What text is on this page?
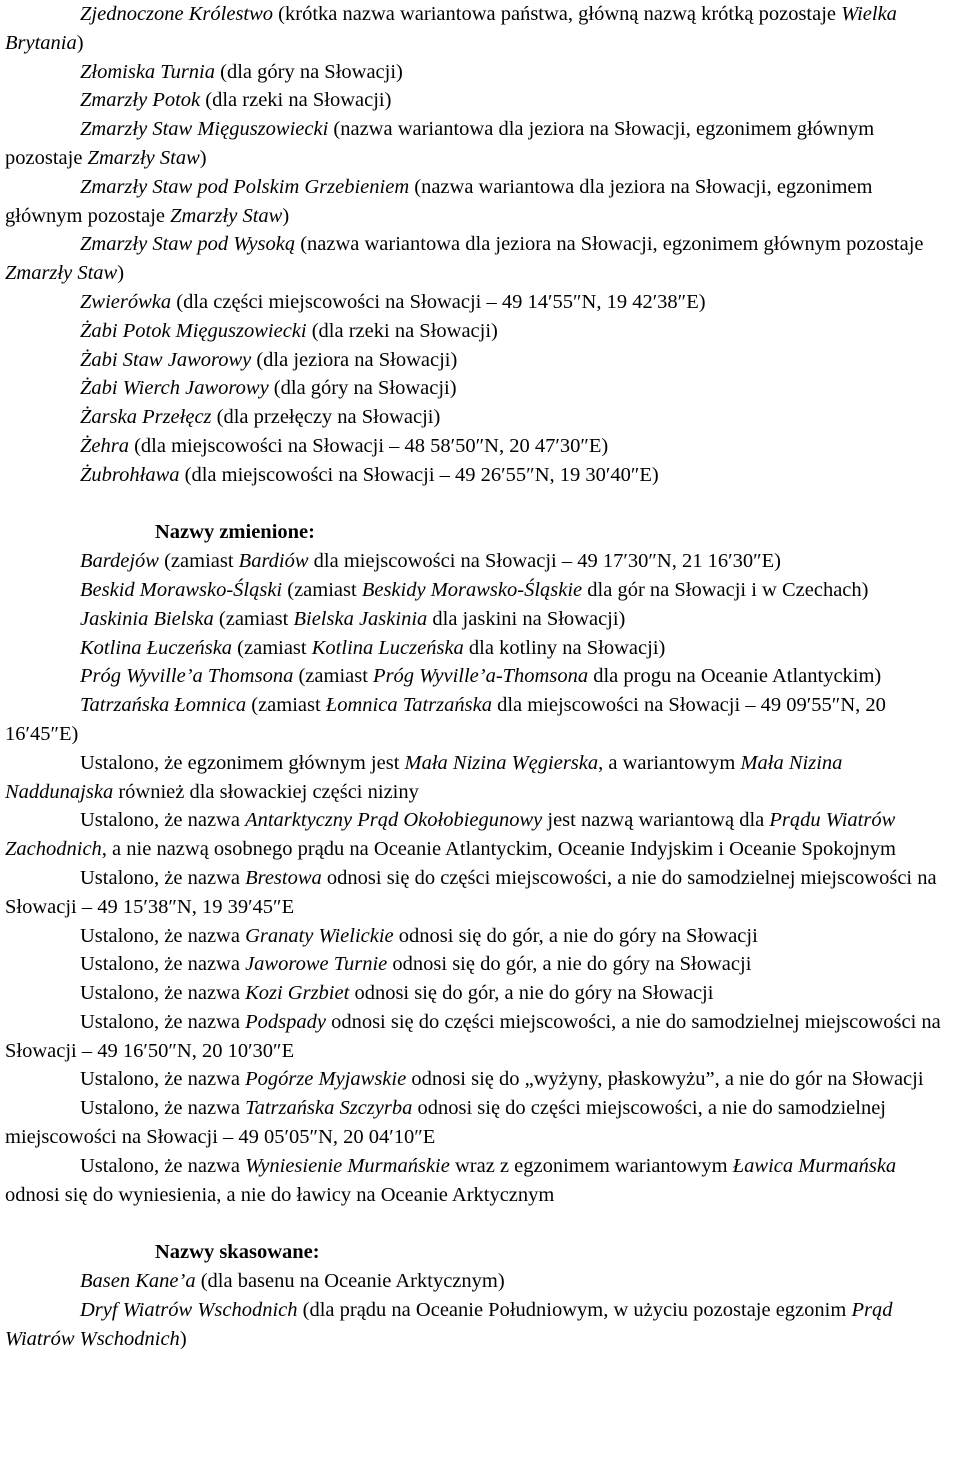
Zjednoczone Królestwo (krótka nazwa wariantowa państwa, główną nazwą krótką pozostaje Wielka Brytania)

Złomiska Turnia (dla góry na Słowacji)

Zmarzły Potok (dla rzeki na Słowacji)

Zmarzły Staw Mięguszowiecki (nazwa wariantowa dla jeziora na Słowacji, egzonimem głównym pozostaje Zmarzły Staw)

Zmarzły Staw pod Polskim Grzebieniem (nazwa wariantowa dla jeziora na Słowacji, egzonimem głównym pozostaje Zmarzły Staw)

Zmarzły Staw pod Wysoką (nazwa wariantowa dla jeziora na Słowacji, egzonimem głównym pozostaje Zmarzły Staw)

Zwierówka (dla części miejscowości na Słowacji – 49 14′55″N, 19 42′38″E)

Żabi Potok Mięguszowiecki (dla rzeki na Słowacji)

Żabi Staw Jaworowy (dla jeziora na Słowacji)

Żabi Wierch Jaworowy (dla góry na Słowacji)

Żarska Przełęcz (dla przełęczy na Słowacji)

Żehra (dla miejscowości na Słowacji – 48 58′50″N, 20 47′30″E)

Żubrohława (dla miejscowości na Słowacji – 49 26′55″N, 19 30′40″E)

Nazwy zmienione:

Bardejów (zamiast Bardiów dla miejscowości na Słowacji – 49 17′30″N, 21 16′30″E)

Beskid Morawsko-Śląski (zamiast Beskidy Morawsko-Śląskie dla gór na Słowacji i w Czechach)

Jaskinia Bielska (zamiast Bielska Jaskinia dla jaskini na Słowacji)

Kotlina Łuczeńska (zamiast Kotlina Luczeńska dla kotliny na Słowacji)

Próg Wyville’a Thomsona (zamiast Próg Wyville’a-Thomsona dla progu na Oceanie Atlantyckim)

Tatrzańska Łomnica (zamiast Łomnica Tatrzańska dla miejscowości na Słowacji – 49 09′55″N, 20 16′45″E)

Ustalono, że egzonimem głównym jest Mała Nizina Węgierska, a wariantowym Mała Nizina Naddunajska również dla słowackiej części niziny

Ustalono, że nazwa Antarktyczny Prąd Okołobiegunowy jest nazwą wariantową dla Prądu Wiatrów Zachodnich, a nie nazwą osobnego prądu na Oceanie Atlantyckim, Oceanie Indyjskim i Oceanie Spokojnym

Ustalono, że nazwa Brestowa odnosi się do części miejscowości, a nie do samodzielnej miejscowości na Słowacji – 49 15′38″N, 19 39′45″E

Ustalono, że nazwa Granaty Wielickie odnosi się do gór, a nie do góry na Słowacji

Ustalono, że nazwa Jaworowe Turnie odnosi się do gór, a nie do góry na Słowacji

Ustalono, że nazwa Kozi Grzbiet odnosi się do gór, a nie do góry na Słowacji

Ustalono, że nazwa Podspady odnosi się do części miejscowości, a nie do samodzielnej miejscowości na Słowacji – 49 16′50″N, 20 10′30″E

Ustalono, że nazwa Pogórze Myjawskie odnosi się do „wyżyny, płaskowyżu”, a nie do gór na Słowacji

Ustalono, że nazwa Tatrzańska Szczyrba odnosi się do części miejscowości, a nie do samodzielnej miejscowości na Słowacji – 49 05′05″N, 20 04′10″E

Ustalono, że nazwa Wyniesienie Murmańskie wraz z egzonimem wariantowym Ławica Murmańska odnosi się do wyniesienia, a nie do ławicy na Oceanie Arktycznym

Nazwy skasowane:

Basen Kane’a (dla basenu na Oceanie Arktycznym)

Dryf Wiatrów Wschodnich (dla prądu na Oceanie Południowym, w użyciu pozostaje egzonim Prąd Wiatrów Wschodnich)
